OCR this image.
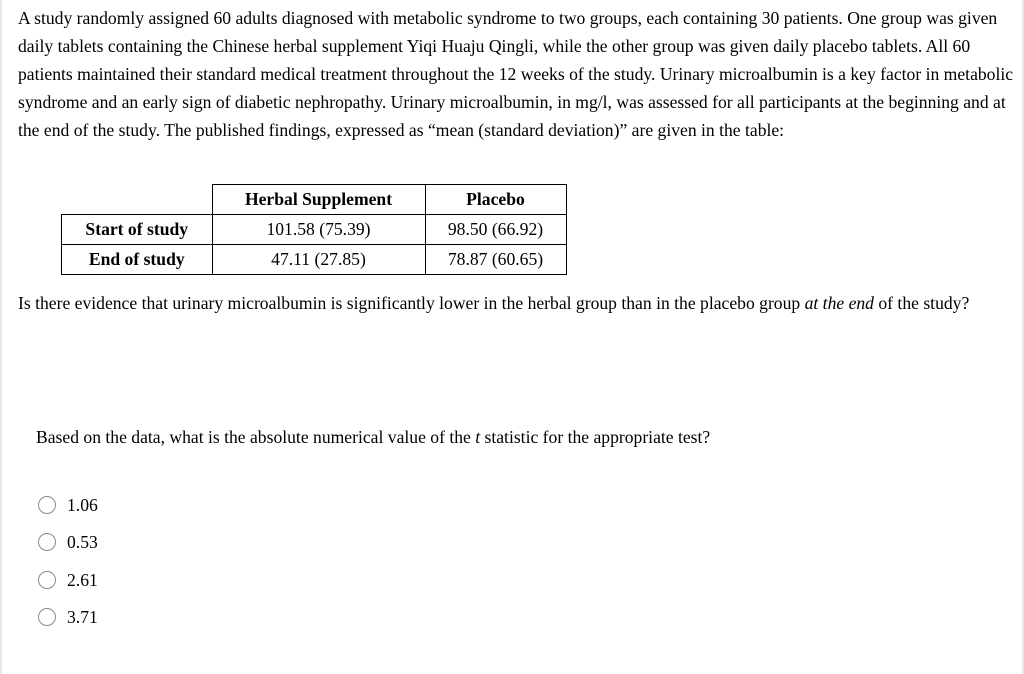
A study randomly assigned 60 adults diagnosed with metabolic syndrome to two groups, each containing 30 patients. One group was given daily tablets containing the Chinese herbal supplement Yiqi Huaju Qingli, while the other group was given daily placebo tablets. All 60 patients maintained their standard medical treatment throughout the 12 weeks of the study. Urinary microalbumin is a key factor in metabolic syndrome and an early sign of diabetic nephropathy. Urinary microalbumin, in mg/l, was assessed for all participants at the beginning and at the end of the study. The published findings, expressed as “mean (standard deviation)” are given in the table:

	Herbal Supplement	Placebo
Start of study	101.58 (75.39)	98.50 (66.92)
End of study	47.11 (27.85)	78.87 (60.65)

Is there evidence that urinary microalbumin is significantly lower in the herbal group than in the placebo group at the end of the study?

Based on the data, what is the absolute numerical value of the t statistic for the appropriate test?

1.06
0.53
2.61
3.71
